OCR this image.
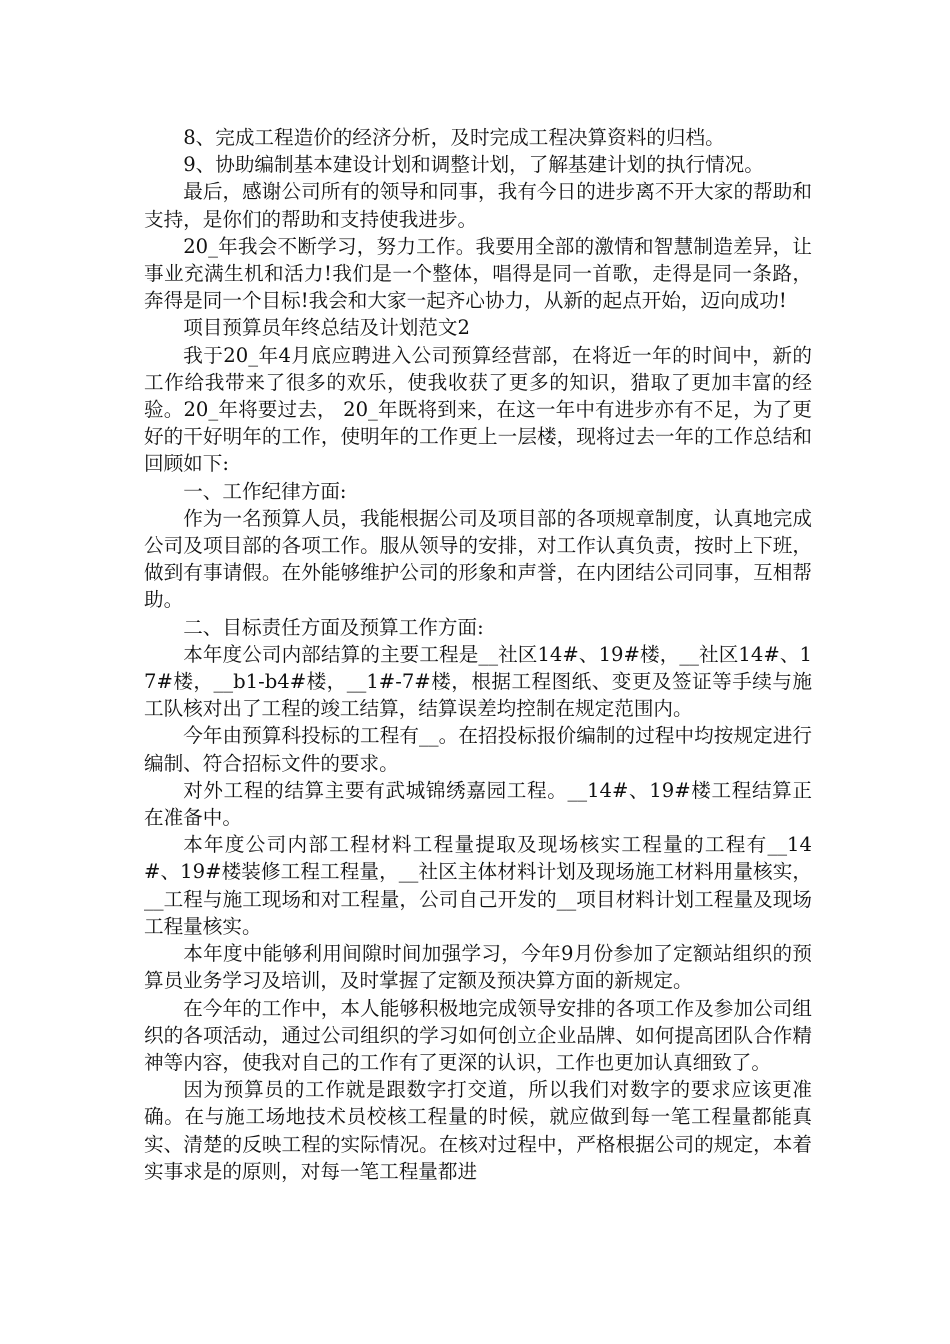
8、完成工程造价的经济分析，及时完成工程决算资料的归档。

9、协助编制基本建设计划和调整计划，了解基建计划的执行情况。

最后，感谢公司所有的领导和同事，我有今日的进步离不开大家的帮助和支持，是你们的帮助和支持使我进步。

20_年我会不断学习，努力工作。我要用全部的激情和智慧制造差异，让事业充满生机和活力!我们是一个整体，唱得是同一首歌，走得是同一条路，奔得是同一个目标!我会和大家一起齐心协力，从新的起点开始，迈向成功!

项目预算员年终总结及计划范文2

我于20_年4月底应聘进入公司预算经营部，在将近一年的时间中，新的工作给我带来了很多的欢乐，使我收获了更多的知识，猎取了更加丰富的经验。20_年将要过去， 20_年既将到来，在这一年中有进步亦有不足，为了更好的干好明年的工作，使明年的工作更上一层楼，现将过去一年的工作总结和回顾如下:

一、工作纪律方面:

作为一名预算人员，我能根据公司及项目部的各项规章制度，认真地完成公司及项目部的各项工作。服从领导的安排，对工作认真负责，按时上下班，做到有事请假。在外能够维护公司的形象和声誉，在内团结公司同事，互相帮助。

二、目标责任方面及预算工作方面:

本年度公司内部结算的主要工程是__社区14#、19#楼，__社区14#、17#楼，__b1-b4#楼，__1#-7#楼，根据工程图纸、变更及签证等手续与施工队核对出了工程的竣工结算，结算误差均控制在规定范围内。

今年由预算科投标的工程有__。在招投标报价编制的过程中均按规定进行编制、符合招标文件的要求。

对外工程的结算主要有武城锦绣嘉园工程。__14#、19#楼工程结算正在准备中。

本年度公司内部工程材料工程量提取及现场核实工程量的工程有__14#、19#楼装修工程工程量，__社区主体材料计划及现场施工材料用量核实，__工程与施工现场和对工程量，公司自己开发的__项目材料计划工程量及现场工程量核实。

本年度中能够利用间隙时间加强学习，今年9月份参加了定额站组织的预算员业务学习及培训，及时掌握了定额及预决算方面的新规定。

在今年的工作中，本人能够积极地完成领导安排的各项工作及参加公司组织的各项活动，通过公司组织的学习如何创立企业品牌、如何提高团队合作精神等内容，使我对自己的工作有了更深的认识，工作也更加认真细致了。

因为预算员的工作就是跟数字打交道，所以我们对数字的要求应该更准确。在与施工场地技术员校核工程量的时候，就应做到每一笔工程量都能真实、清楚的反映工程的实际情况。在核对过程中，严格根据公司的规定，本着实事求是的原则，对每一笔工程量都进
